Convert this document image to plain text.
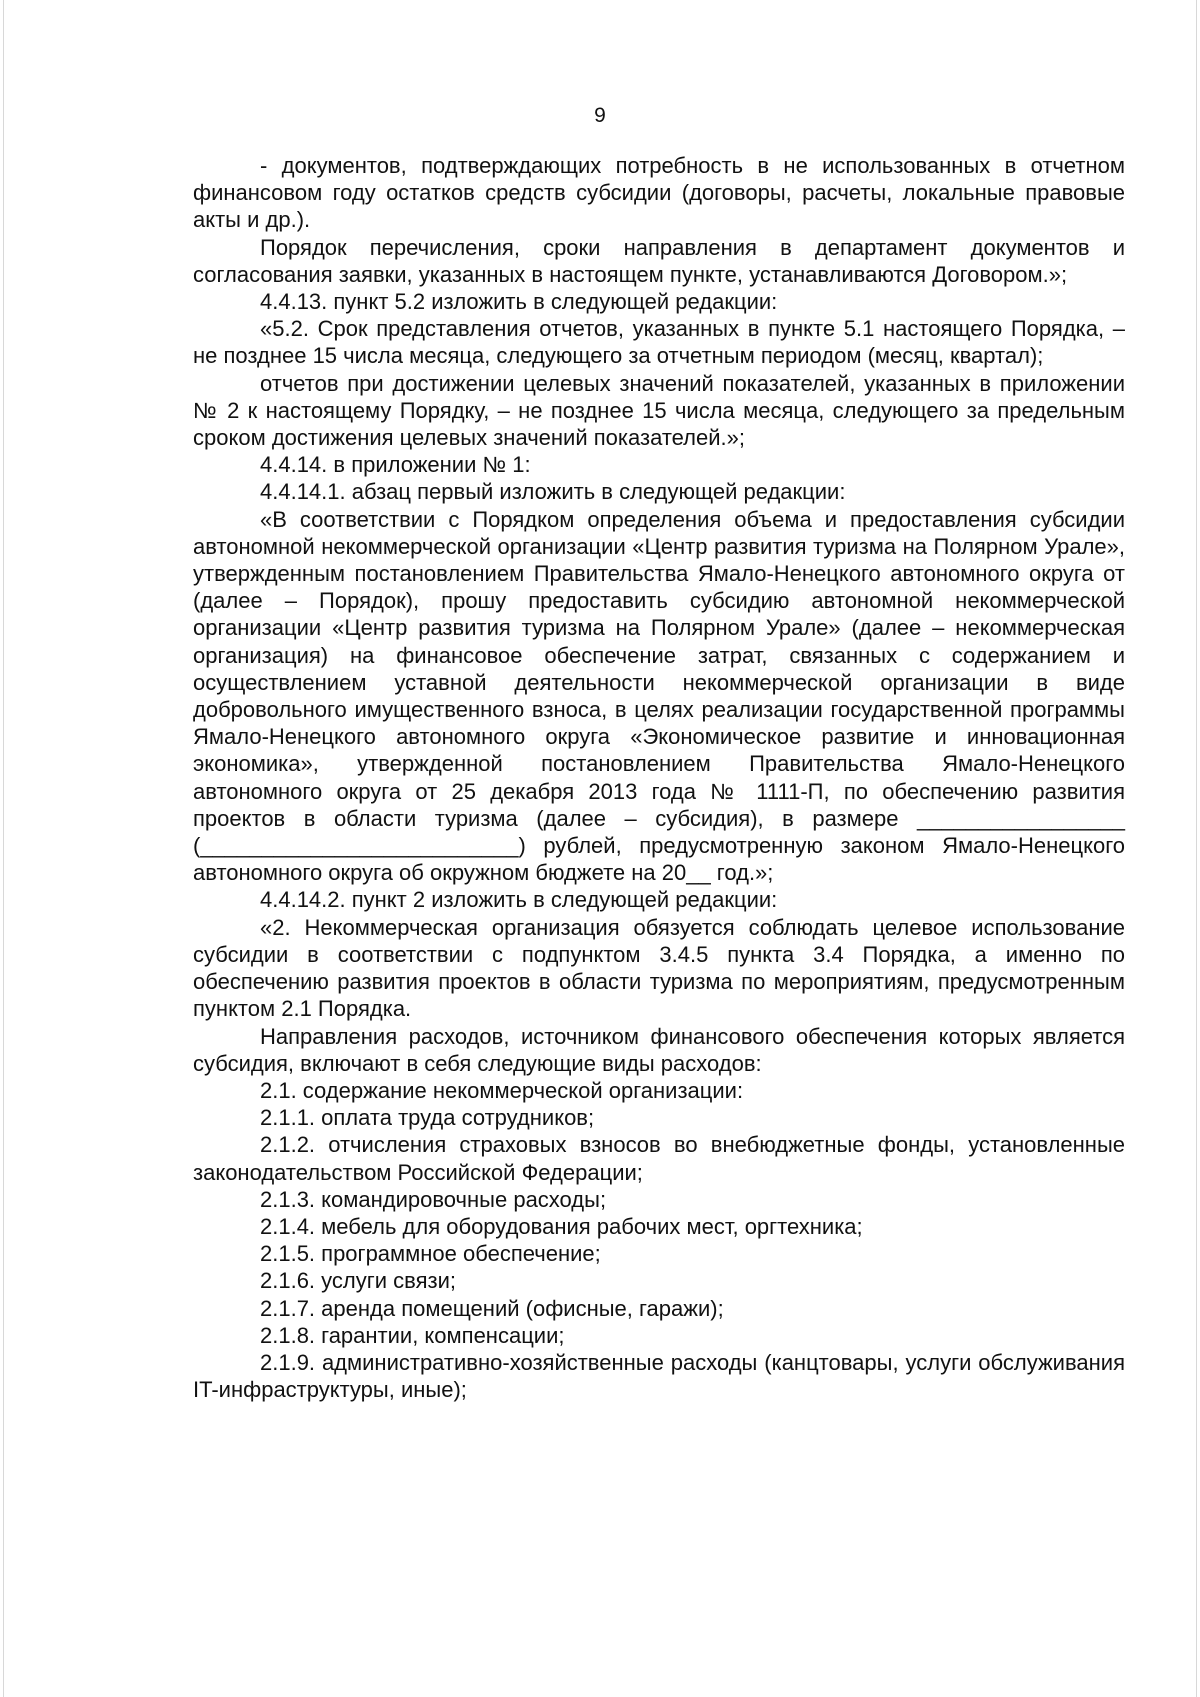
9

- документов, подтверждающих потребность в не использованных в отчетном финансовом году остатков средств субсидии (договоры, расчеты, локальные правовые акты и др.).

Порядок перечисления, сроки направления в департамент документов и согласования заявки, указанных в настоящем пункте, устанавливаются Договором.»;

4.4.13. пункт 5.2 изложить в следующей редакции:

«5.2. Срок представления отчетов, указанных в пункте 5.1 настоящего Порядка, – не позднее 15 числа месяца, следующего за отчетным периодом (месяц, квартал);

отчетов при достижении целевых значений показателей, указанных в приложении № 2 к настоящему Порядку, – не позднее 15 числа месяца, следующего за предельным сроком достижения целевых значений показателей.»;

4.4.14. в приложении № 1:

4.4.14.1. абзац первый изложить в следующей редакции:

«В соответствии с Порядком определения объема и предоставления субсидии автономной некоммерческой организации «Центр развития туризма на Полярном Урале», утвержденным постановлением Правительства Ямало-Ненецкого автономного округа от (далее – Порядок), прошу предоставить субсидию автономной некоммерческой организации «Центр развития туризма на Полярном Урале» (далее – некоммерческая организация) на финансовое обеспечение затрат, связанных с содержанием и осуществлением уставной деятельности некоммерческой организации в виде добровольного имущественного взноса, в целях реализации государственной программы Ямало-Ненецкого автономного округа «Экономическое развитие и инновационная экономика», утвержденной постановлением Правительства Ямало-Ненецкого автономного округа от 25 декабря 2013 года № 1111-П, по обеспечению развития проектов в области туризма (далее – субсидия), в размере _________________ (__________________________) рублей, предусмотренную законом Ямало-Ненецкого автономного округа об окружном бюджете на 20__ год.»;

4.4.14.2. пункт 2 изложить в следующей редакции:

«2. Некоммерческая организация обязуется соблюдать целевое использование субсидии в соответствии с подпунктом 3.4.5 пункта 3.4 Порядка, а именно по обеспечению развития проектов в области туризма по мероприятиям, предусмотренным пунктом 2.1 Порядка.

Направления расходов, источником финансового обеспечения которых является субсидия, включают в себя следующие виды расходов:

2.1. содержание некоммерческой организации:

2.1.1. оплата труда сотрудников;

2.1.2. отчисления страховых взносов во внебюджетные фонды, установленные законодательством Российской Федерации;

2.1.3. командировочные расходы;

2.1.4. мебель для оборудования рабочих мест, оргтехника;

2.1.5. программное обеспечение;

2.1.6. услуги связи;

2.1.7. аренда помещений (офисные, гаражи);

2.1.8. гарантии, компенсации;

2.1.9. административно-хозяйственные расходы (канцтовары, услуги обслуживания IT-инфраструктуры, иные);
